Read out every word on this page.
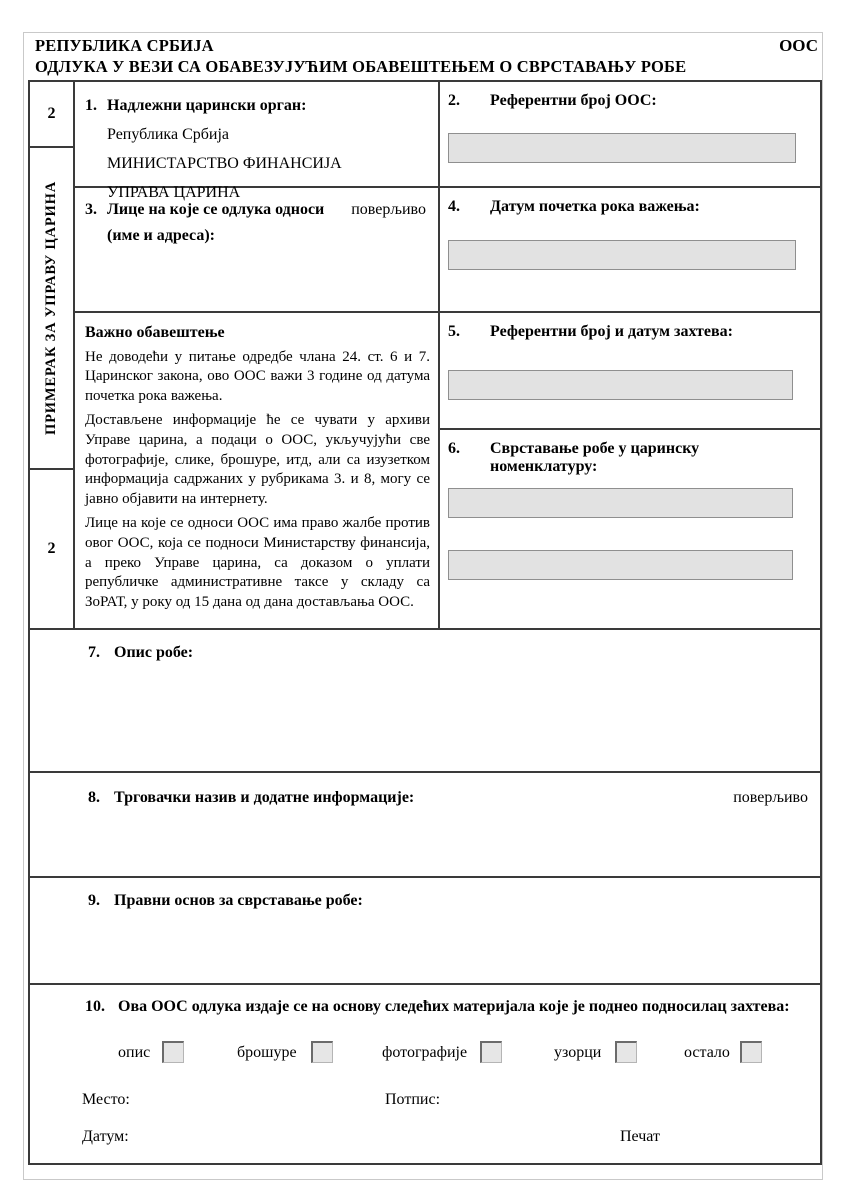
РЕПУБЛИКА СРБИЈА
ОДЛУКА У ВЕЗИ СА ОБАВЕЗУЈУЋИМ ОБАВЕШТЕЊЕМ О СВРСТАВАЊУ РОБЕ
ООС
2
ПРИМЕРАК ЗА УПРАВУ ЦАРИНА
2
1. Надлежни царински орган:
Република Србија
МИНИСТАРСТВО ФИНАНСИЈА
УПРАВА ЦАРИНА
2.	Референтни број ООС:
3. Лице на које се одлука односи поверљиво
(име и адреса):
4.	Датум почетка рока важења:
Важно обавештење

Не доводећи у питање одредбе члана 24. ст. 6 и 7. Царинског закона, ово ООС важи 3 године од датума почетка рока важења.

Достављене информације ће се чувати у архиви Управе царина, а подаци о ООС, укључујући све фотографије, слике, брошуре, итд, али са изузетком информација садржаних у рубрикама 3. и 8, могу се јавно објавити на интернету.

Лице на које се односи ООС има право жалбе против овог ООС, која се подноси Министарству финансија, а преко Управе царина, са доказом о уплати републичке административне таксе у складу са ЗоРАТ, у року од 15 дана од дана достављања ООС.

5.	Референтни број и датум захтева:
6.	Сврставање робе у царинску номенклатуру:
7. Опис робе:
8. Трговачки назив и додатне информације:	поверљиво
9. Правни основ за сврставање робе:
10. Ова ООС одлука издаје се на основу следећих материјала које је поднео подносилац захтева:
опис	брошуре	фотографије	узорци	остало
Место:	Потпис:
Датум:	Печат
